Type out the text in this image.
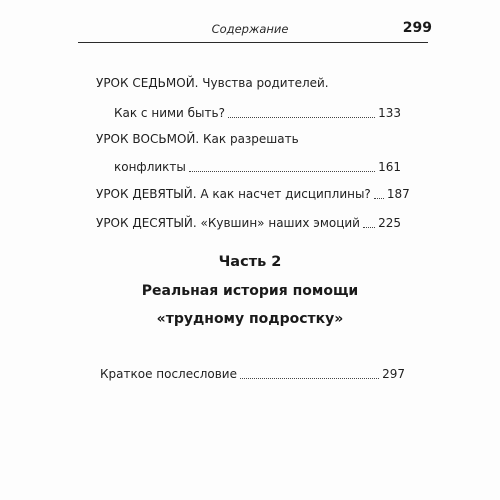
Содержание	299
УРОК СЕДЬМОЙ. Чувства родителей.
Как с ними быть?	133
УРОК ВОСЬМОЙ. Как разрешать
конфликты	161
УРОК ДЕВЯТЫЙ. А как насчет дисциплины? 187
УРОК ДЕСЯТЫЙ. «Кувшин» наших эмоций 225
Часть 2
Реальная история помощи
«трудному подростку»
Краткое послесловие	297
